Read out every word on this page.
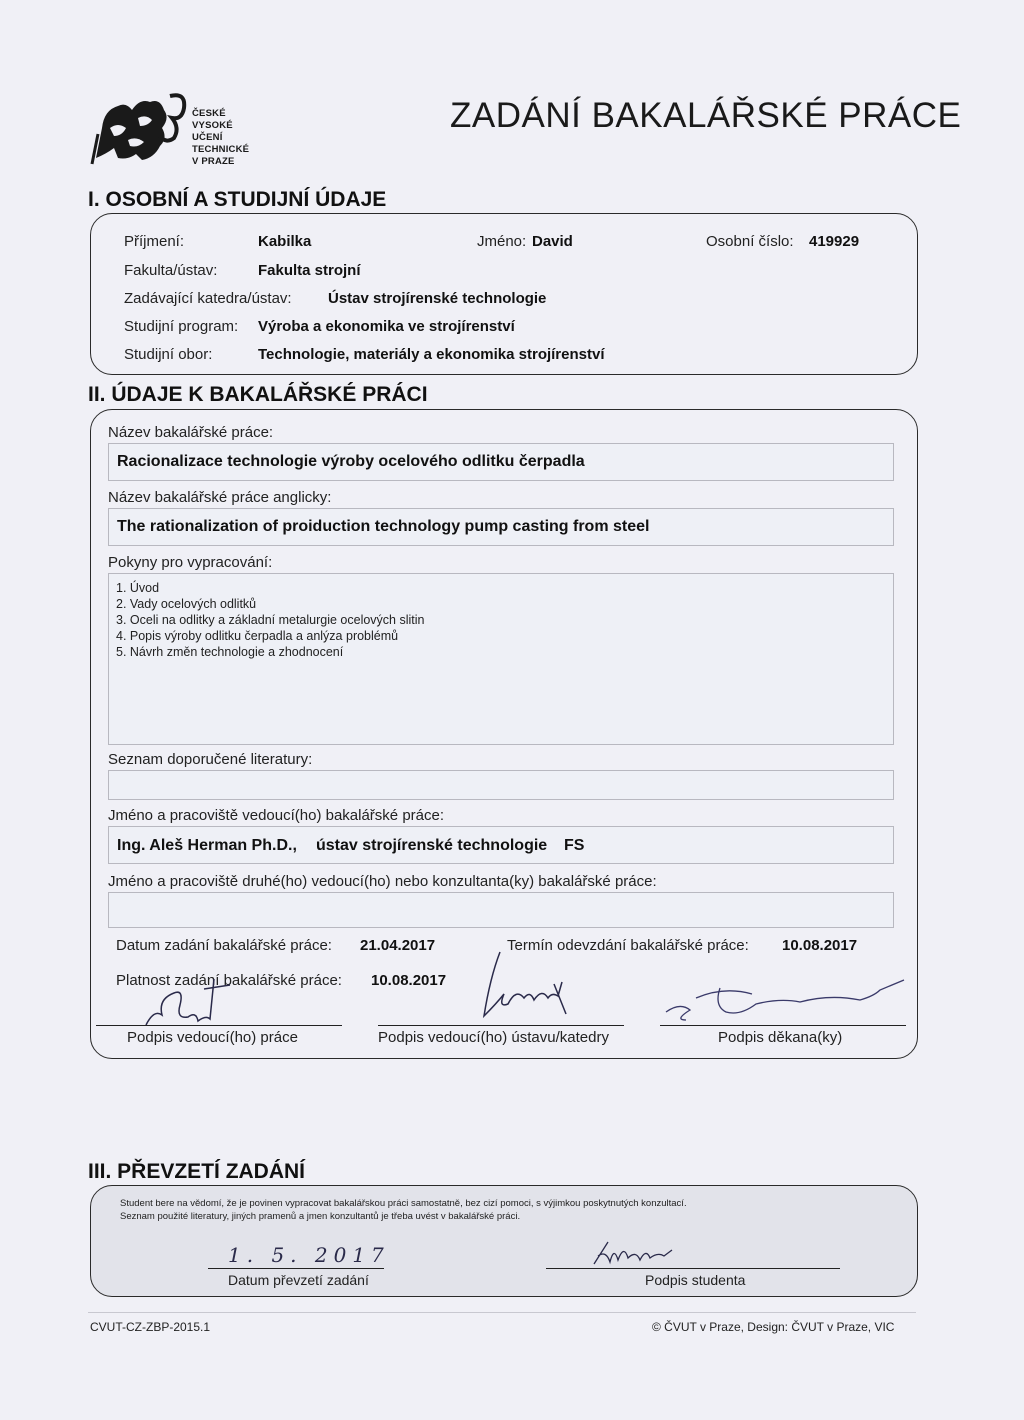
ČESKÉ
VYSOKÉ
UČENÍ
TECHNICKÉ
V PRAZE
ZADÁNÍ BAKALÁŘSKÉ PRÁCE
I. OSOBNÍ A STUDIJNÍ ÚDAJE
Příjmení:	Kabilka	Jméno: David	Osobní číslo: 419929
Fakulta/ústav:	Fakulta strojní
Zadávající katedra/ústav: Ústav strojírenské technologie
Studijní program: Výroba a ekonomika ve strojírenství
Studijní obor:	Technologie, materiály a ekonomika strojírenství
II. ÚDAJE K BAKALÁŘSKÉ PRÁCI
Název bakalářské práce:
Racionalizace technologie výroby ocelového odlitku čerpadla
Název bakalářské práce anglicky:
The rationalization of proiduction technology pump casting from steel
Pokyny pro vypracování:
1. Úvod
2. Vady ocelových odlitků
3. Oceli na odlitky a základní metalurgie ocelových slitin
4. Popis výroby odlitku čerpadla a anlýza problémů
5. Návrh změn technologie a zhodnocení
Seznam doporučené literatury:
Jméno a pracoviště vedoucí(ho) bakalářské práce:
Ing. Aleš Herman Ph.D., ústav strojírenské technologie FS
Jméno a pracoviště druhé(ho) vedoucí(ho) nebo konzultanta(ky) bakalářské práce:
Datum zadání bakalářské práce: 21.04.2017	Termín odevzdání bakalářské práce: 10.08.2017
Platnost zadání bakalářské práce: 10.08.2017
Podpis vedoucí(ho) práce	Podpis vedoucí(ho) ústavu/katedry	Podpis děkana(ky)
III. PŘEVZETÍ ZADÁNÍ
Student bere na vědomí, že je povinen vypracovat bakalářskou práci samostatně, bez cizí pomoci, s výjimkou poskytnutých konzultací.
Seznam použité literatury, jiných pramenů a jmen konzultantů je třeba uvést v bakalářské práci.
1. 5. 2017
Datum převzetí zadání	Podpis studenta
CVUT-CZ-ZBP-2015.1	© ČVUT v Praze, Design: ČVUT v Praze, VIC
